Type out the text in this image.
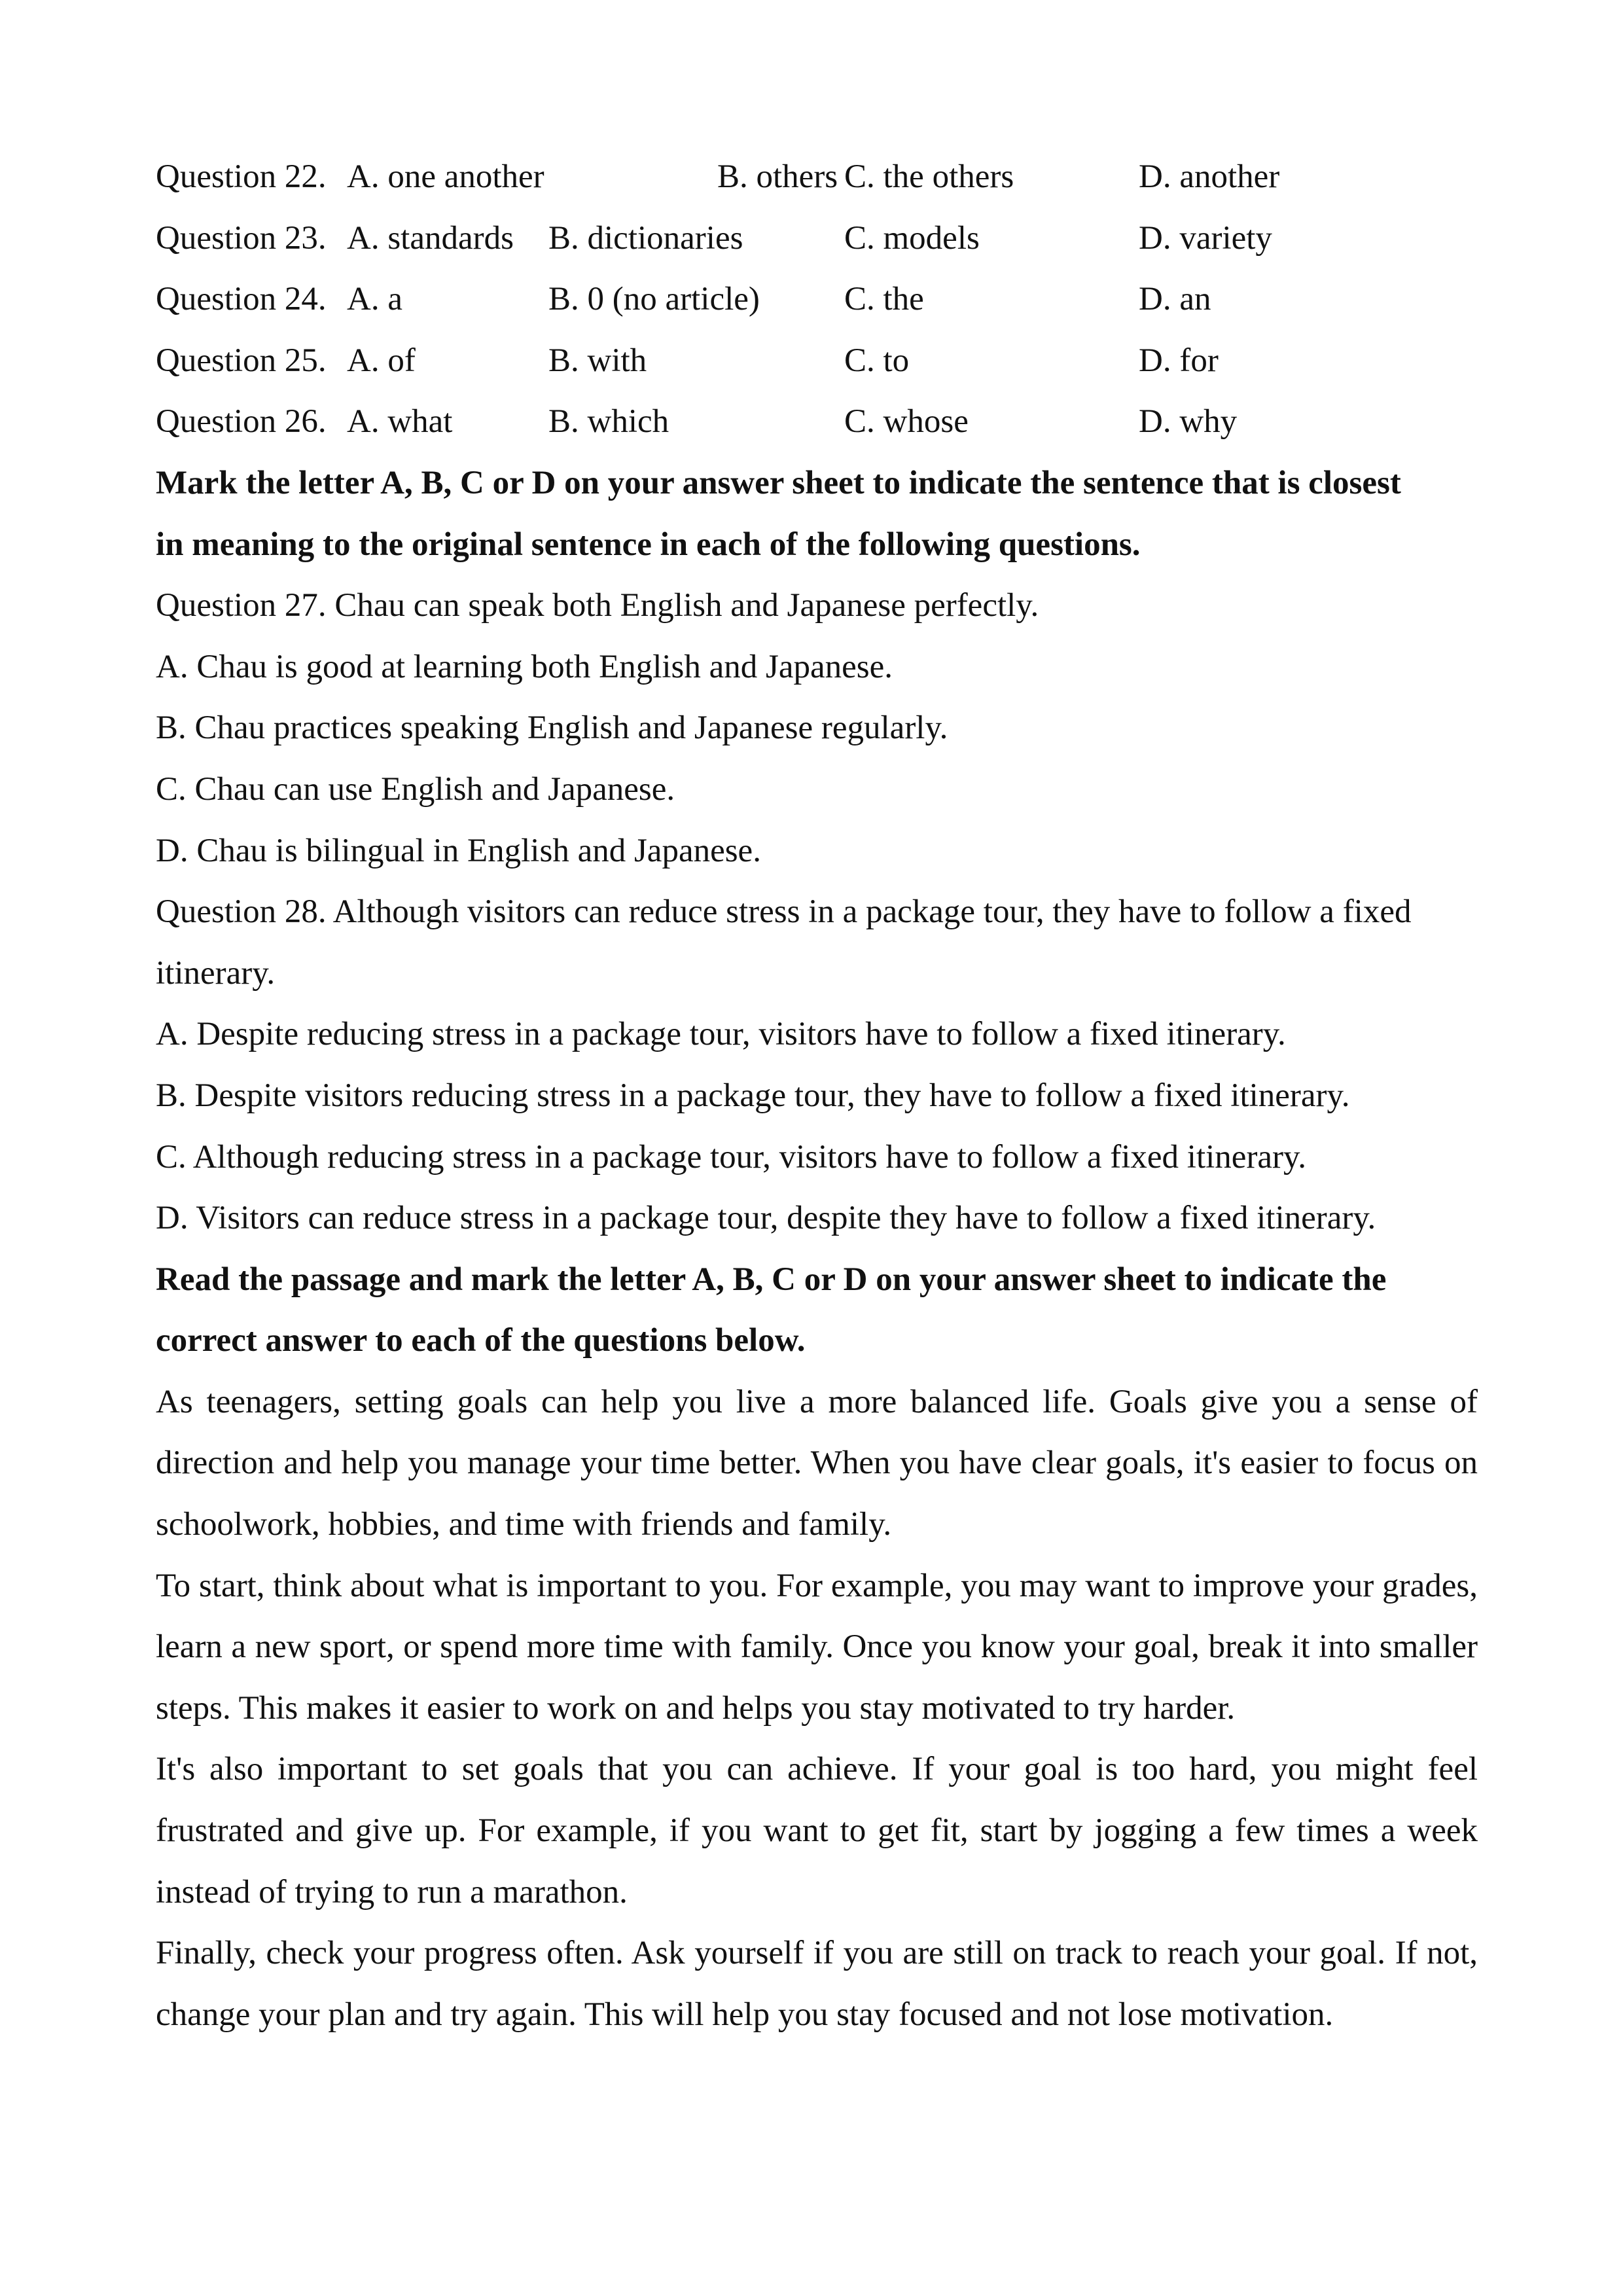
Question 22. A. one another	B. others C. the others	D. another
Question 23. A. standards B. dictionaries	C. models	D. variety
Question 24. A. a	B. 0 (no article)	C. the	D. an
Question 25. A. of	B. with	C. to	D. for
Question 26. A. what	B. which	C. whose	D. why

Mark the letter A, B, C or D on your answer sheet to indicate the sentence that is closest

in meaning to the original sentence in each of the following questions.

Question 27. Chau can speak both English and Japanese perfectly.

A. Chau is good at learning both English and Japanese.

B. Chau practices speaking English and Japanese regularly.

C. Chau can use English and Japanese.

D. Chau is bilingual in English and Japanese.

Question 28. Although visitors can reduce stress in a package tour, they have to follow a fixed

itinerary.

A. Despite reducing stress in a package tour, visitors have to follow a fixed itinerary.

B. Despite visitors reducing stress in a package tour, they have to follow a fixed itinerary.

C. Although reducing stress in a package tour, visitors have to follow a fixed itinerary.

D. Visitors can reduce stress in a package tour, despite they have to follow a fixed itinerary.

Read the passage and mark the letter A, B, C or D on your answer sheet to indicate the

correct answer to each of the questions below.

As teenagers, setting goals can help you live a more balanced life. Goals give you a sense of direction and help you manage your time better. When you have clear goals, it's easier to focus on schoolwork, hobbies, and time with friends and family.

To start, think about what is important to you. For example, you may want to improve your grades, learn a new sport, or spend more time with family. Once you know your goal, break it into smaller steps. This makes it easier to work on and helps you stay motivated to try harder.

It's also important to set goals that you can achieve. If your goal is too hard, you might feel frustrated and give up. For example, if you want to get fit, start by jogging a few times a week instead of trying to run a marathon.

Finally, check your progress often. Ask yourself if you are still on track to reach your goal. If not, change your plan and try again. This will help you stay focused and not lose motivation.
